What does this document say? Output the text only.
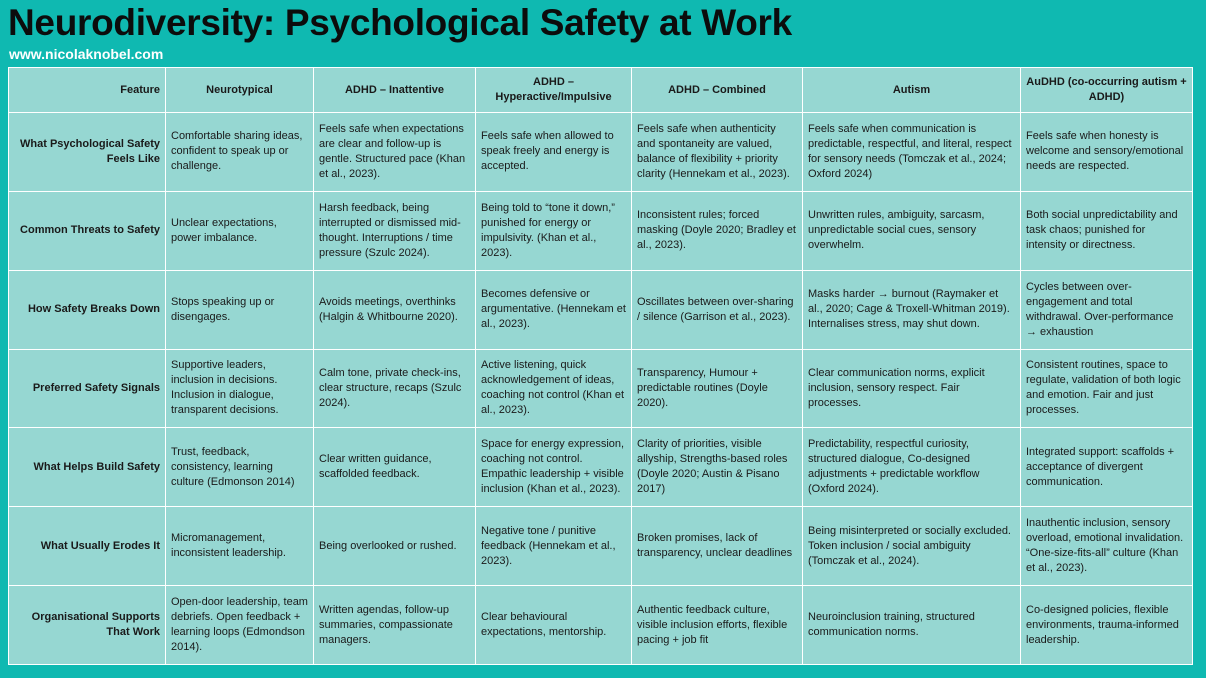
Neurodiversity: Psychological Safety at Work
www.nicolaknobel.com
Feature	Neurotypical	ADHD – Inattentive	ADHD – Hyperactive/Impulsive	ADHD – Combined	Autism	AuDHD (co-occurring autism + ADHD)
What Psychological Safety Feels Like	Comfortable sharing ideas, confident to speak up or challenge.	Feels safe when expectations are clear and follow-up is gentle. Structured pace (Khan et al., 2023).	Feels safe when allowed to speak freely and energy is accepted.	Feels safe when authenticity and spontaneity are valued, balance of flexibility + priority clarity (Hennekam et al., 2023).	Feels safe when communication is predictable, respectful, and literal, respect for sensory needs (Tomczak et al., 2024; Oxford 2024)	Feels safe when honesty is welcome and sensory/emotional needs are respected.
Common Threats to Safety	Unclear expectations, power imbalance.	Harsh feedback, being interrupted or dismissed mid-thought. Interruptions / time pressure (Szulc 2024).	Being told to “tone it down,” punished for energy or impulsivity. (Khan et al., 2023).	Inconsistent rules; forced masking (Doyle 2020; Bradley et al., 2023).	Unwritten rules, ambiguity, sarcasm, unpredictable social cues, sensory overwhelm.	Both social unpredictability and task chaos; punished for intensity or directness.
How Safety Breaks Down	Stops speaking up or disengages.	Avoids meetings, overthinks (Halgin & Whitbourne 2020).	Becomes defensive or argumentative. (Hennekam et al., 2023).	Oscillates between over-sharing / silence (Garrison et al., 2023).	Masks harder → burnout (Raymaker et al., 2020; Cage & Troxell-Whitman 2019). Internalises stress, may shut down.	Cycles between over-engagement and total withdrawal. Over-performance → exhaustion
Preferred Safety Signals	Supportive leaders, inclusion in decisions. Inclusion in dialogue, transparent decisions.	Calm tone, private check-ins, clear structure, recaps (Szulc 2024).	Active listening, quick acknowledgement of ideas, coaching not control (Khan et al., 2023).	Transparency, Humour + predictable routines (Doyle 2020).	Clear communication norms, explicit inclusion, sensory respect. Fair processes.	Consistent routines, space to regulate, validation of both logic and emotion. Fair and just processes.
What Helps Build Safety	Trust, feedback, consistency, learning culture (Edmonson 2014)	Clear written guidance, scaffolded feedback.	Space for energy expression, coaching not control. Empathic leadership + visible inclusion (Khan et al., 2023).	Clarity of priorities, visible allyship, Strengths-based roles (Doyle 2020; Austin & Pisano 2017)	Predictability, respectful curiosity, structured dialogue, Co-designed adjustments + predictable workflow (Oxford 2024).	Integrated support: scaffolds + acceptance of divergent communication.
What Usually Erodes It	Micromanagement, inconsistent leadership.	Being overlooked or rushed.	Negative tone / punitive feedback (Hennekam et al., 2023).	Broken promises, lack of transparency, unclear deadlines	Being misinterpreted or socially excluded. Token inclusion / social ambiguity (Tomczak et al., 2024).	Inauthentic inclusion, sensory overload, emotional invalidation. “One-size-fits-all” culture (Khan et al., 2023).
Organisational Supports That Work	Open-door leadership, team debriefs. Open feedback + learning loops (Edmondson 2014).	Written agendas, follow-up summaries, compassionate managers.	Clear behavioural expectations, mentorship.	Authentic feedback culture, visible inclusion efforts, flexible pacing + job fit	Neuroinclusion training, structured communication norms.	Co-designed policies, flexible environments, trauma-informed leadership.
